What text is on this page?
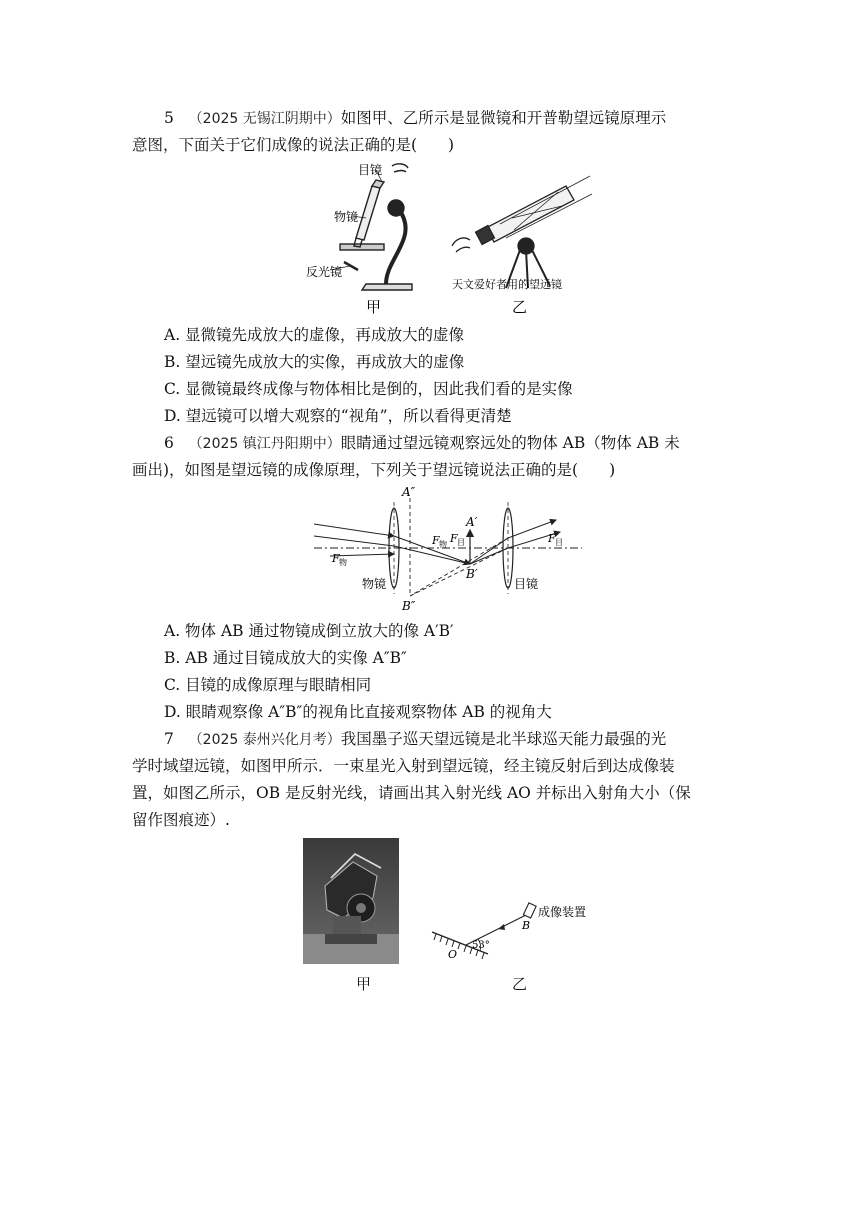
5 （2025 无锡江阴期中）如图甲、乙所示是显微镜和开普勒望远镜原理示
意图，下面关于它们成像的说法正确的是(　　)
目镜
物镜
反光镜
天文爱好者用的望远镜
甲	乙
A. 显微镜先成放大的虚像，再成放大的虚像
B. 望远镜先成放大的实像，再成放大的虚像
C. 显微镜最终成像与物体相比是倒的，因此我们看的是实像
D. 望远镜可以增大观察的“视角”，所以看得更清楚
6 （2025 镇江丹阳期中）眼睛通过望远镜观察远处的物体 AB（物体 AB 未
画出)，如图是望远镜的成像原理，下列关于望远镜说法正确的是(　　)
A″
A′
B′
B″
F 物
F 物 F 目	F 目
物镜	目镜
A. 物体 AB 通过物镜成倒立放大的像 A′B′
B. AB 通过目镜成放大的实像 A″B″
C. 目镜的成像原理与眼睛相同
D. 眼睛观察像 A″B″的视角比直接观察物体 AB 的视角大
7 （2025 泰州兴化月考）我国墨子巡天望远镜是北半球巡天能力最强的光
学时域望远镜，如图甲所示．一束星光入射到望远镜，经主镜反射后到达成像装
置，如图乙所示，OB 是反射光线，请画出其入射光线 AO 并标出入射角大小（保
留作图痕迹）.
甲
成像装置
B
O
53°
乙
